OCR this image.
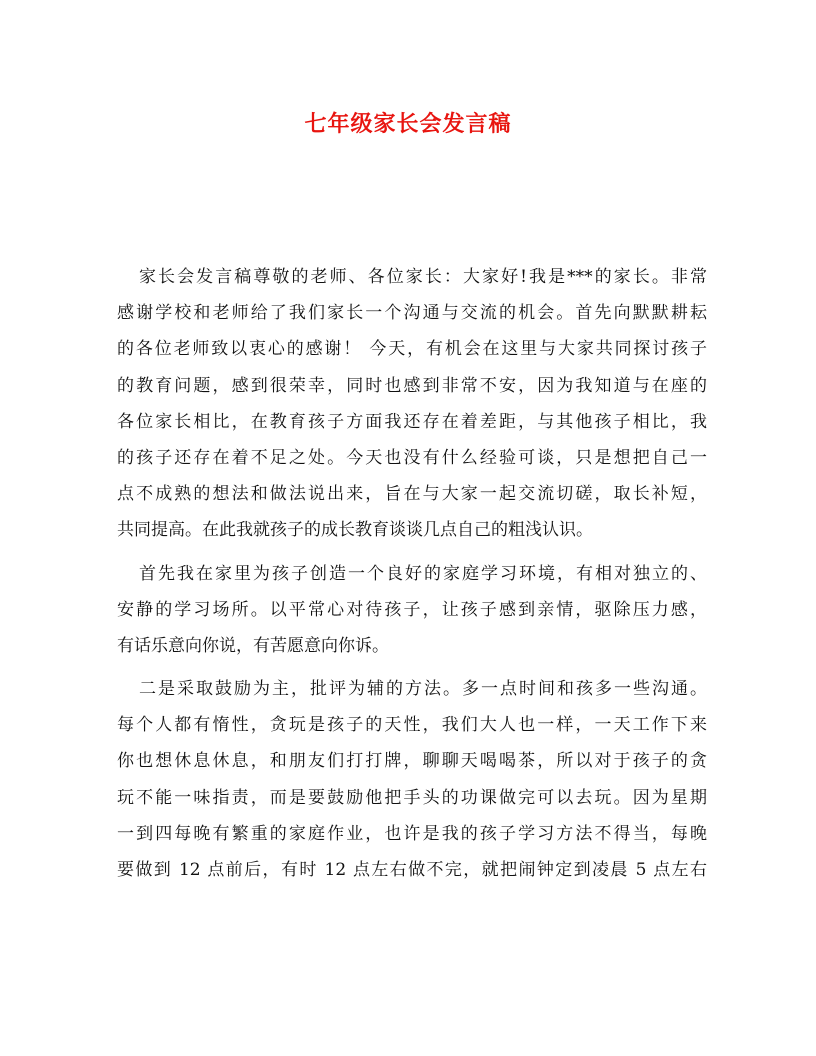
七年级家长会发言稿

家长会发言稿尊敬的老师、各位家长：大家好!我是***的家长。非常
感谢学校和老师给了我们家长一个沟通与交流的机会。首先向默默耕耘
的各位老师致以衷心的感谢！ 今天，有机会在这里与大家共同探讨孩子
的教育问题，感到很荣幸，同时也感到非常不安，因为我知道与在座的
各位家长相比，在教育孩子方面我还存在着差距，与其他孩子相比，我
的孩子还存在着不足之处。今天也没有什么经验可谈，只是想把自己一
点不成熟的想法和做法说出来，旨在与大家一起交流切磋，取长补短，
共同提高。在此我就孩子的成长教育谈谈几点自己的粗浅认识。

首先我在家里为孩子创造一个良好的家庭学习环境，有相对独立的、
安静的学习场所。以平常心对待孩子，让孩子感到亲情，驱除压力感，
有话乐意向你说，有苦愿意向你诉。

二是采取鼓励为主，批评为辅的方法。多一点时间和孩多一些沟通。
每个人都有惰性，贪玩是孩子的天性，我们大人也一样，一天工作下来
你也想休息休息，和朋友们打打牌，聊聊天喝喝茶，所以对于孩子的贪
玩不能一味指责，而是要鼓励他把手头的功课做完可以去玩。因为星期
一到四每晚有繁重的家庭作业，也许是我的孩子学习方法不得当，每晚
要做到 12 点前后，有时 12 点左右做不完，就把闹钟定到凌晨 5 点左右
